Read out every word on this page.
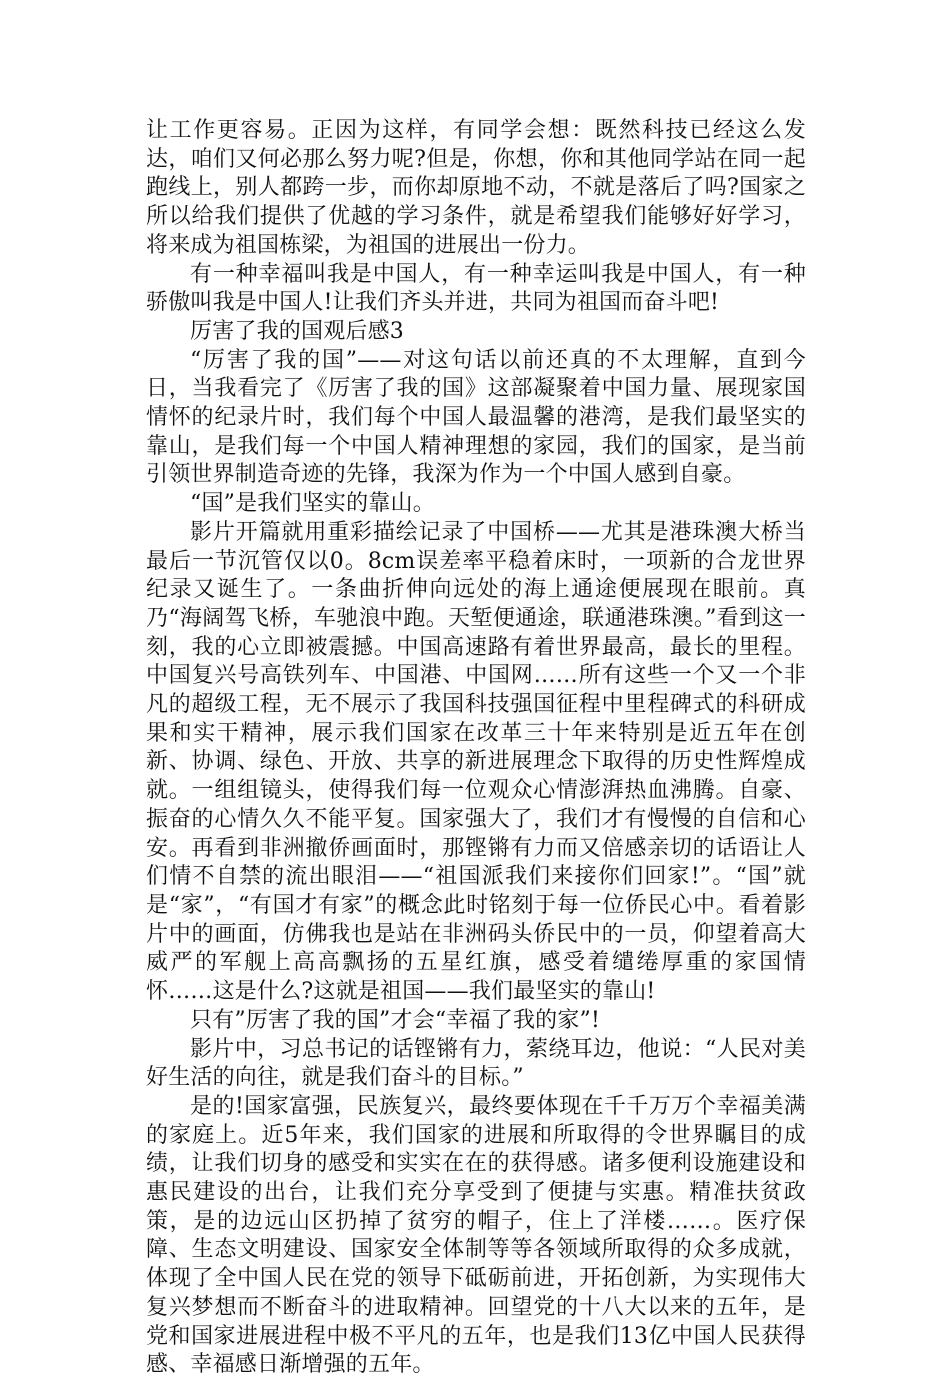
让工作更容易。正因为这样，有同学会想：既然科技已经这么发达，咱们又何必那么努力呢?但是，你想，你和其他同学站在同一起跑线上，别人都跨一步，而你却原地不动，不就是落后了吗?国家之所以给我们提供了优越的学习条件，就是希望我们能够好好学习，将来成为祖国栋梁，为祖国的进展出一份力。

有一种幸福叫我是中国人，有一种幸运叫我是中国人，有一种骄傲叫我是中国人!让我们齐头并进，共同为祖国而奋斗吧!

厉害了我的国观后感3

“厉害了我的国”——对这句话以前还真的不太理解，直到今日，当我看完了《厉害了我的国》这部凝聚着中国力量、展现家国情怀的纪录片时，我们每个中国人最温馨的港湾，是我们最坚实的靠山，是我们每一个中国人精神理想的家园，我们的国家，是当前引领世界制造奇迹的先锋，我深为作为一个中国人感到自豪。

“国”是我们坚实的靠山。

影片开篇就用重彩描绘记录了中国桥——尤其是港珠澳大桥当最后一节沉管仅以0。8cm误差率平稳着床时，一项新的合龙世界纪录又诞生了。一条曲折伸向远处的海上通途便展现在眼前。真乃“海阔驾飞桥，车驰浪中跑。天堑便通途，联通港珠澳。”看到这一刻，我的心立即被震撼。中国高速路有着世界最高，最长的里程。中国复兴号高铁列车、中国港、中国网……所有这些一个又一个非凡的超级工程，无不展示了我国科技强国征程中里程碑式的科研成果和实干精神，展示我们国家在改革三十年来特别是近五年在创新、协调、绿色、开放、共享的新进展理念下取得的历史性辉煌成就。一组组镜头，使得我们每一位观众心情澎湃热血沸腾。自豪、振奋的心情久久不能平复。国家强大了，我们才有慢慢的自信和心安。再看到非洲撤侨画面时，那铿锵有力而又倍感亲切的话语让人们情不自禁的流出眼泪——“祖国派我们来接你们回家!”。“国”就是“家”，“有国才有家”的概念此时铭刻于每一位侨民心中。看着影片中的画面，仿佛我也是站在非洲码头侨民中的一员，仰望着高大威严的军舰上高高飘扬的五星红旗，感受着缱绻厚重的家国情怀……这是什么?这就是祖国——我们最坚实的靠山!

只有”厉害了我的国”才会“幸福了我的家”!

影片中，习总书记的话铿锵有力，萦绕耳边，他说：“人民对美好生活的向往，就是我们奋斗的目标。”

是的!国家富强，民族复兴，最终要体现在千千万万个幸福美满的家庭上。近5年来，我们国家的进展和所取得的令世界瞩目的成绩，让我们切身的感受和实实在在的获得感。诸多便利设施建设和惠民建设的出台，让我们充分享受到了便捷与实惠。精准扶贫政策，是的边远山区扔掉了贫穷的帽子，住上了洋楼……。医疗保障、生态文明建设、国家安全体制等等各领域所取得的众多成就，体现了全中国人民在党的领导下砥砺前进，开拓创新，为实现伟大复兴梦想而不断奋斗的进取精神。回望党的十八大以来的五年，是党和国家进展进程中极不平凡的五年，也是我们13亿中国人民获得感、幸福感日渐增强的五年。
